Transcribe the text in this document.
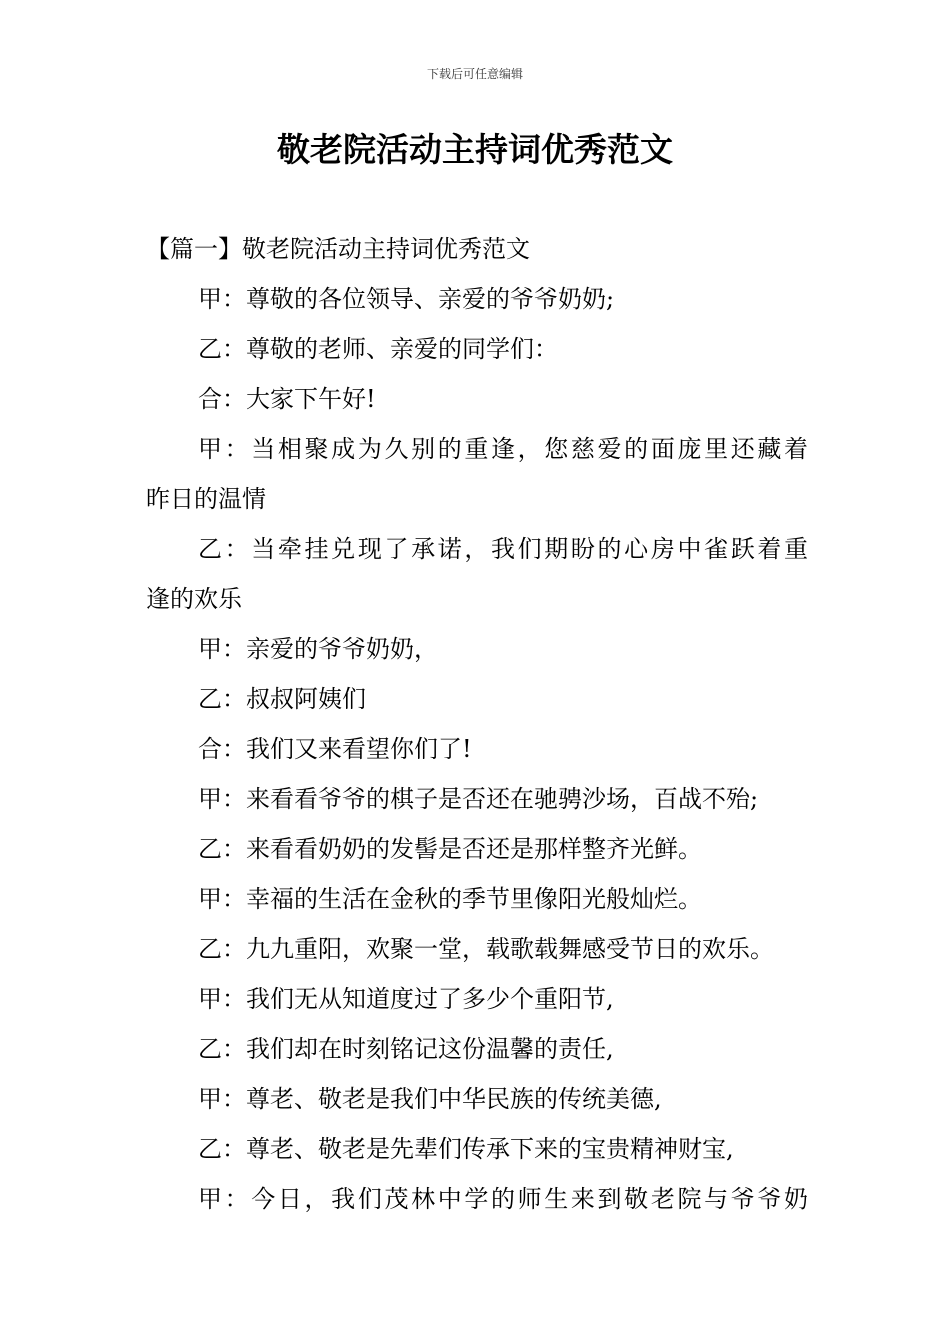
下载后可任意编辑
敬老院活动主持词优秀范文
【篇一】敬老院活动主持词优秀范文
甲：尊敬的各位领导、亲爱的爷爷奶奶;
乙：尊敬的老师、亲爱的同学们：
合：大家下午好!
甲：当相聚成为久别的重逢，您慈爱的面庞里还藏着
昨日的温情
乙：当牵挂兑现了承诺，我们期盼的心房中雀跃着重
逢的欢乐
甲：亲爱的爷爷奶奶，
乙：叔叔阿姨们
合：我们又来看望你们了!
甲：来看看爷爷的棋子是否还在驰骋沙场，百战不殆;
乙：来看看奶奶的发髻是否还是那样整齐光鲜。
甲：幸福的生活在金秋的季节里像阳光般灿烂。
乙：九九重阳，欢聚一堂，载歌载舞感受节日的欢乐。
甲：我们无从知道度过了多少个重阳节,
乙：我们却在时刻铭记这份温馨的责任,
甲：尊老、敬老是我们中华民族的传统美德,
乙：尊老、敬老是先辈们传承下来的宝贵精神财宝,
甲：今日，我们茂林中学的师生来到敬老院与爷爷奶
